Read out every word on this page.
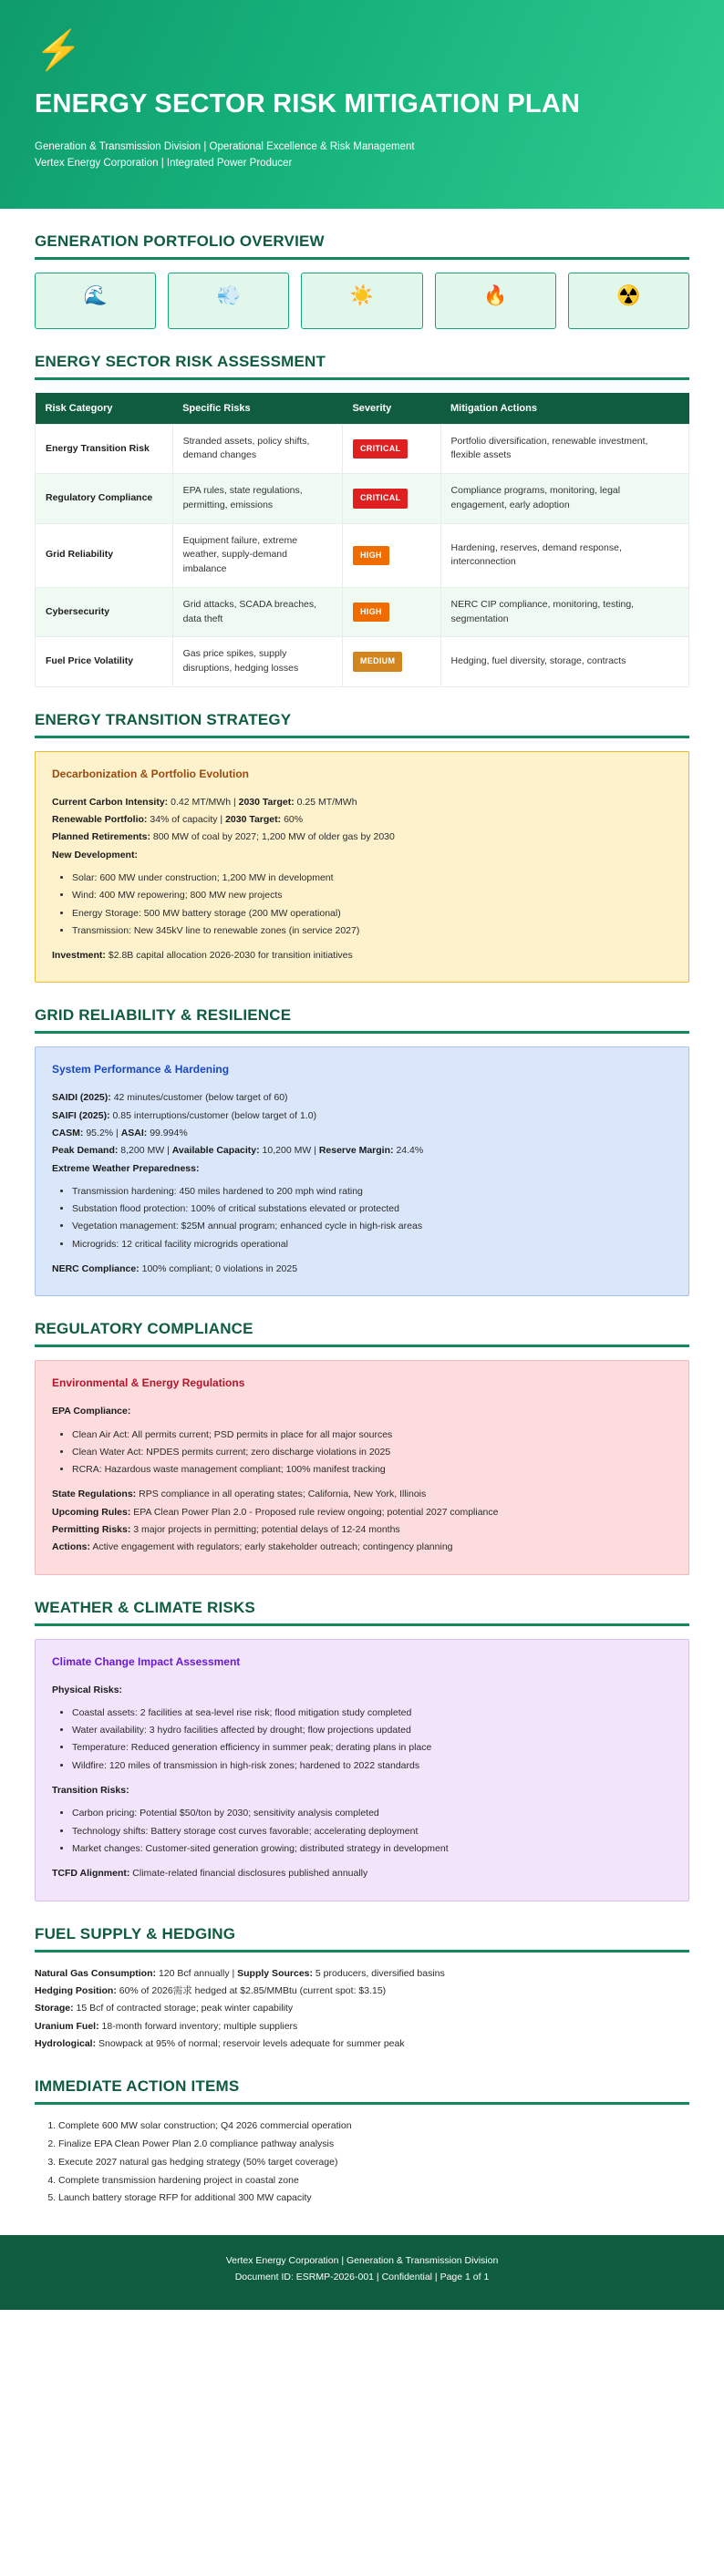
⚡
ENERGY SECTOR RISK MITIGATION PLAN
Generation & Transmission Division | Operational Excellence & Risk Management
Vertex Energy Corporation | Integrated Power Producer
GENERATION PORTFOLIO OVERVIEW
🌊	💨	☀️	🔥	☢️
ENERGY SECTOR RISK ASSESSMENT
Risk Category	Specific Risks	Severity	Mitigation Actions
Energy Transition Risk	Stranded assets, policy shifts, demand changes	CRITICAL	Portfolio diversification, renewable investment, flexible assets
Regulatory Compliance	EPA rules, state regulations, permitting, emissions	CRITICAL	Compliance programs, monitoring, legal engagement, early adoption
Grid Reliability	Equipment failure, extreme weather, supply-demand imbalance	HIGH	Hardening, reserves, demand response, interconnection
Cybersecurity	Grid attacks, SCADA breaches, data theft	HIGH	NERC CIP compliance, monitoring, testing, segmentation
Fuel Price Volatility	Gas price spikes, supply disruptions, hedging losses	MEDIUM	Hedging, fuel diversity, storage, contracts
ENERGY TRANSITION STRATEGY
Decarbonization & Portfolio Evolution

Current Carbon Intensity: 0.42 MT/MWh | 2030 Target: 0.25 MT/MWh

Renewable Portfolio: 34% of capacity | 2030 Target: 60%

Planned Retirements: 800 MW of coal by 2027; 1,200 MW of older gas by 2030

New Development:

• Solar: 600 MW under construction; 1,200 MW in development
• Wind: 400 MW repowering; 800 MW new projects
• Energy Storage: 500 MW battery storage (200 MW operational)
• Transmission: New 345kV line to renewable zones (in service 2027)

Investment: $2.8B capital allocation 2026-2030 for transition initiatives

GRID RELIABILITY & RESILIENCE
System Performance & Hardening

SAIDI (2025): 42 minutes/customer (below target of 60)

SAIFI (2025): 0.85 interruptions/customer (below target of 1.0)

CASM: 95.2% | ASAI: 99.994%

Peak Demand: 8,200 MW | Available Capacity: 10,200 MW | Reserve Margin: 24.4%

Extreme Weather Preparedness:

• Transmission hardening: 450 miles hardened to 200 mph wind rating
• Substation flood protection: 100% of critical substations elevated or protected
• Vegetation management: $25M annual program; enhanced cycle in high-risk areas
• Microgrids: 12 critical facility microgrids operational

NERC Compliance: 100% compliant; 0 violations in 2025

REGULATORY COMPLIANCE
Environmental & Energy Regulations

EPA Compliance:

• Clean Air Act: All permits current; PSD permits in place for all major sources
• Clean Water Act: NPDES permits current; zero discharge violations in 2025
• RCRA: Hazardous waste management compliant; 100% manifest tracking

State Regulations: RPS compliance in all operating states; California, New York, Illinois

Upcoming Rules: EPA Clean Power Plan 2.0 - Proposed rule review ongoing; potential 2027 compliance

Permitting Risks: 3 major projects in permitting; potential delays of 12-24 months

Actions: Active engagement with regulators; early stakeholder outreach; contingency planning

WEATHER & CLIMATE RISKS
Climate Change Impact Assessment

Physical Risks:

• Coastal assets: 2 facilities at sea-level rise risk; flood mitigation study completed
• Water availability: 3 hydro facilities affected by drought; flow projections updated
• Temperature: Reduced generation efficiency in summer peak; derating plans in place
• Wildfire: 120 miles of transmission in high-risk zones; hardened to 2022 standards

Transition Risks:

• Carbon pricing: Potential $50/ton by 2030; sensitivity analysis completed
• Technology shifts: Battery storage cost curves favorable; accelerating deployment
• Market changes: Customer-sited generation growing; distributed strategy in development

TCFD Alignment: Climate-related financial disclosures published annually

FUEL SUPPLY & HEDGING

Natural Gas Consumption: 120 Bcf annually | Supply Sources: 5 producers, diversified basins

Hedging Position: 60% of 2026需求 hedged at $2.85/MMBtu (current spot: $3.15)

Storage: 15 Bcf of contracted storage; peak winter capability

Uranium Fuel: 18-month forward inventory; multiple suppliers

Hydrological: Snowpack at 95% of normal; reservoir levels adequate for summer peak

IMMEDIATE ACTION ITEMS
1. Complete 600 MW solar construction; Q4 2026 commercial operation
2. Finalize EPA Clean Power Plan 2.0 compliance pathway analysis
3. Execute 2027 natural gas hedging strategy (50% target coverage)
4. Complete transmission hardening project in coastal zone
5. Launch battery storage RFP for additional 300 MW capacity
Vertex Energy Corporation | Generation & Transmission Division
Document ID: ESRMP-2026-001 | Confidential | Page 1 of 1
